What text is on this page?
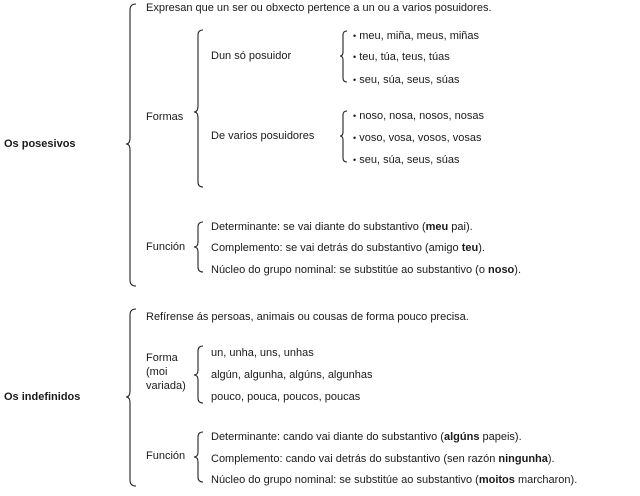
Os posesivos
Expresan que un ser ou obxecto pertence a un ou a varios posuidores.
Formas
Dun só posuidor
• meu, miña, meus, miñas
• teu, túa, teus, túas
• seu, súa, seus, súas
De varios posuidores
• noso, nosa, nosos, nosas
• voso, vosa, vosos, vosas
• seu, súa, seus, súas
Función
Determinante: se vai diante do substantivo (meu pai).
Complemento: se vai detrás do substantivo (amigo teu).
Núcleo do grupo nominal: se substitúe ao substantivo (o noso).
Os indefinidos
Refírense ás persoas, animais ou cousas de forma pouco precisa.
Forma
(moi
variada)
un, unha, uns, unhas
algún, algunha, algúns, algunhas
pouco, pouca, poucos, poucas
Función
Determinante: cando vai diante do substantivo (algúns papeis).
Complemento: cando vai detrás do substantivo (sen razón ningunha).
Núcleo do grupo nominal: se substitúe ao substantivo (moitos marcharon).
